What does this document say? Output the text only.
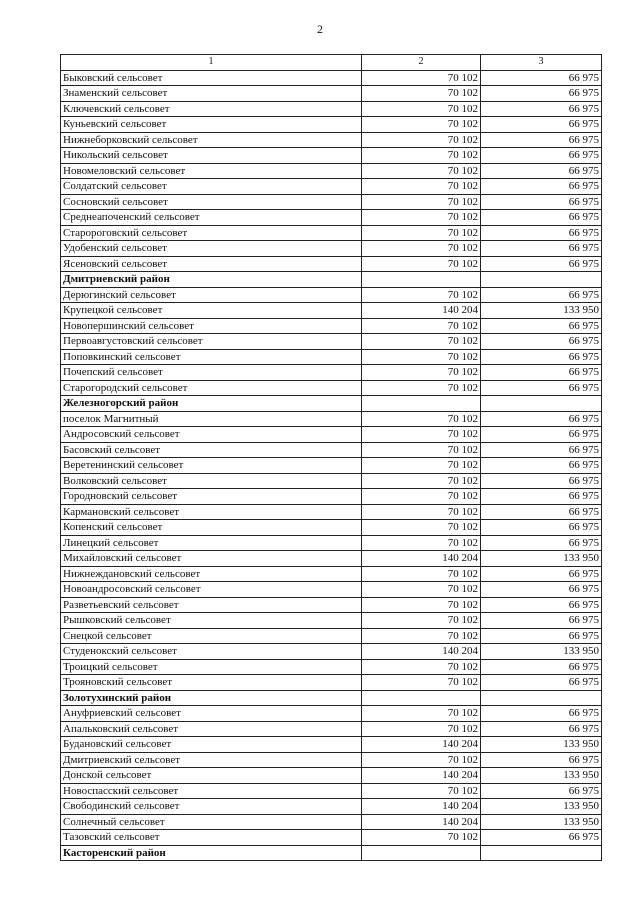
2
1	2	3
Быковский сельсовет	70 102	66 975
Знаменский сельсовет	70 102	66 975
Ключевский сельсовет	70 102	66 975
Куньевский сельсовет	70 102	66 975
Нижнеборковский сельсовет	70 102	66 975
Никольский сельсовет	70 102	66 975
Новомеловский сельсовет	70 102	66 975
Солдатский сельсовет	70 102	66 975
Сосновский сельсовет	70 102	66 975
Среднеапоченский сельсовет	70 102	66 975
Старороговский сельсовет	70 102	66 975
Удобенский сельсовет	70 102	66 975
Ясеновский сельсовет	70 102	66 975
Дмитриевский район		
Дерюгинский сельсовет	70 102	66 975
Крупецкой сельсовет	140 204	133 950
Новопершинский сельсовет	70 102	66 975
Первоавгустовский сельсовет	70 102	66 975
Поповкинский сельсовет	70 102	66 975
Почепский сельсовет	70 102	66 975
Старогородский сельсовет	70 102	66 975
Железногорский район		
поселок Магнитный	70 102	66 975
Андросовский сельсовет	70 102	66 975
Басовский сельсовет	70 102	66 975
Веретенинский сельсовет	70 102	66 975
Волковский сельсовет	70 102	66 975
Городновский сельсовет	70 102	66 975
Кармановский сельсовет	70 102	66 975
Копенский сельсовет	70 102	66 975
Линецкий сельсовет	70 102	66 975
Михайловский сельсовет	140 204	133 950
Нижнеждановский сельсовет	70 102	66 975
Новоандросовский сельсовет	70 102	66 975
Разветьевский сельсовет	70 102	66 975
Рышковский сельсовет	70 102	66 975
Снецкой сельсовет	70 102	66 975
Студенокский сельсовет	140 204	133 950
Троицкий сельсовет	70 102	66 975
Трояновский сельсовет	70 102	66 975
Золотухинский район		
Ануфриевский сельсовет	70 102	66 975
Апальковский сельсовет	70 102	66 975
Будановский сельсовет	140 204	133 950
Дмитриевский сельсовет	70 102	66 975
Донской сельсовет	140 204	133 950
Новоспасский сельсовет	70 102	66 975
Свободинский сельсовет	140 204	133 950
Солнечный сельсовет	140 204	133 950
Тазовский сельсовет	70 102	66 975
Касторенский район		
